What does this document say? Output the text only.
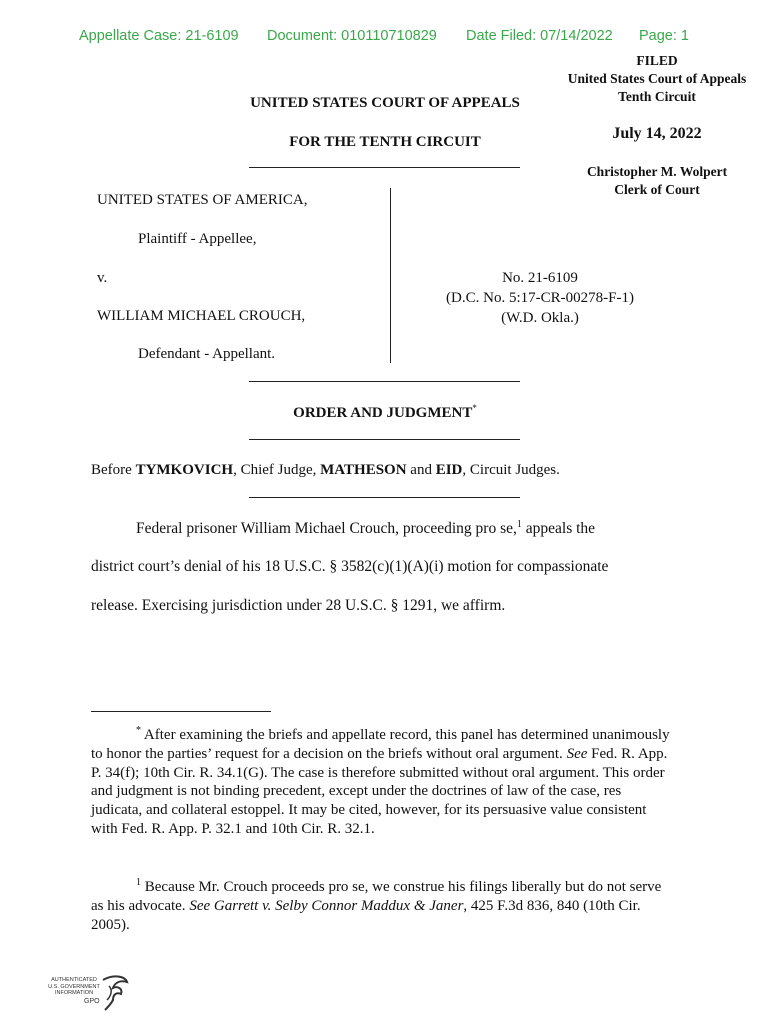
Appellate Case: 21-6109 Document: 010110710829 Date Filed: 07/14/2022 Page: 1
FILED
United States Court of Appeals
Tenth Circuit
July 14, 2022
Christopher M. Wolpert
Clerk of Court
UNITED STATES COURT OF APPEALS
FOR THE TENTH CIRCUIT
UNITED STATES OF AMERICA,
Plaintiff - Appellee,
v.
WILLIAM MICHAEL CROUCH,
Defendant - Appellant.
No. 21-6109
(D.C. No. 5:17-CR-00278-F-1)
(W.D. Okla.)
ORDER AND JUDGMENT*
Before TYMKOVICH, Chief Judge, MATHESON and EID, Circuit Judges.
Federal prisoner William Michael Crouch, proceeding pro se,$^1$ appeals the
district court’s denial of his 18 U.S.C. § 3582(c)(1)(A)(i) motion for compassionate
release. Exercising jurisdiction under 28 U.S.C. § 1291, we affirm.
* After examining the briefs and appellate record, this panel has determined unanimously to honor the parties’ request for a decision on the briefs without oral argument. See Fed. R. App. P. 34(f); 10th Cir. R. 34.1(G). The case is therefore submitted without oral argument. This order and judgment is not binding precedent, except under the doctrines of law of the case, res judicata, and collateral estoppel. It may be cited, however, for its persuasive value consistent with Fed. R. App. P. 32.1 and 10th Cir. R. 32.1.
$^1$ Because Mr. Crouch proceeds pro se, we construe his filings liberally but do not serve as his advocate. See Garrett v. Selby Connor Maddux & Janer, 425 F.3d 836, 840 (10th Cir. 2005).
AUTHENTICATED
U.S. GOVERNMENT
INFORMATION
GPO
